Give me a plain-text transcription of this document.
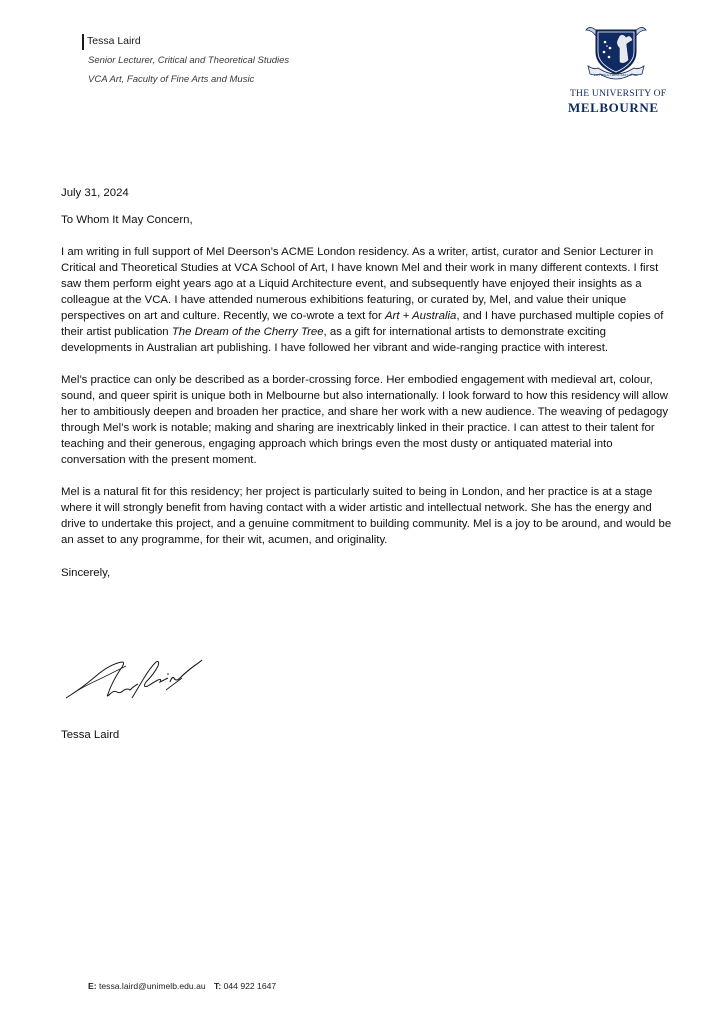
Tessa Laird
Senior Lecturer, Critical and Theoretical Studies
VCA Art, Faculty of Fine Arts and Music	POSTERA CRESCAM LAUDE
THE UNIVERSITY OF
MELBOURNE

July 31, 2024

To Whom It May Concern,

I am writing in full support of Mel Deerson’s ACME London residency. As a writer, artist, curator and Senior Lecturer in Critical and Theoretical Studies at VCA School of Art, I have known Mel and their work in many different contexts. I first saw them perform eight years ago at a Liquid Architecture event, and subsequently have enjoyed their insights as a colleague at the VCA. I have attended numerous exhibitions featuring, or curated by, Mel, and value their unique perspectives on art and culture. Recently, we co-wrote a text for Art + Australia, and I have purchased multiple copies of their artist publication The Dream of the Cherry Tree, as a gift for international artists to demonstrate exciting developments in Australian art publishing. I have followed her vibrant and wide-ranging practice with interest.

Mel’s practice can only be described as a border-crossing force. Her embodied engagement with medieval art, colour, sound, and queer spirit is unique both in Melbourne but also internationally. I look forward to how this residency will allow her to ambitiously deepen and broaden her practice, and share her work with a new audience. The weaving of pedagogy through Mel’s work is notable; making and sharing are inextricably linked in their practice. I can attest to their talent for teaching and their generous, engaging approach which brings even the most dusty or antiquated material into conversation with the present moment.

Mel is a natural fit for this residency; her project is particularly suited to being in London, and her practice is at a stage where it will strongly benefit from having contact with a wider artistic and intellectual network. She has the energy and drive to undertake this project, and a genuine commitment to building community. Mel is a joy to be around, and would be an asset to any programme, for their wit, acumen, and originality.

Sincerely,

Tessa Laird
E: tessa.laird@unimelb.edu.au T: 044 922 1647
